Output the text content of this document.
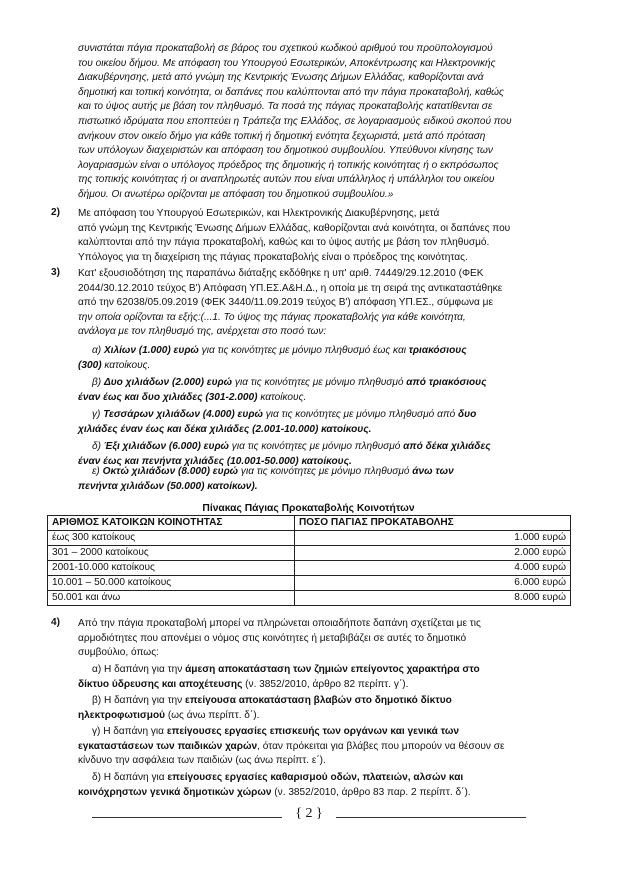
συνιστάται πάγια προκαταβολή σε βάρος του σχετικού κωδικού αριθμού του προϋπολογισμού
του οικείου δήμου. Με απόφαση του Υπουργού Εσωτερικών, Αποκέντρωσης και Ηλεκτρονικής
Διακυβέρνησης, μετά από γνώμη της Κεντρικής Ένωσης Δήμων Ελλάδας, καθορίζονται ανά
δημοτική και τοπική κοινότητα, οι δαπάνες που καλύπτονται από την πάγια προκαταβολή, καθώς
και το ύψος αυτής με βάση τον πληθυσμό. Τα ποσά της πάγιας προκαταβολής κατατίθενται σε
πιστωτικό ιδρύματα που εποπτεύει η Τράπεζα της Ελλάδος, σε λογαριασμούς ειδικού σκοπού που
ανήκουν στον οικείο δήμο για κάθε τοπική ή δημοτική ενότητα ξεχωριστά, μετά από πρόταση
των υπόλογων διαχειριστών και απόφαση του δημοτικού συμβουλίου. Υπεύθυνοι κίνησης των
λογαριασμών είναι ο υπόλογος πρόεδρος της δημοτικής ή τοπικής κοινότητας ή ο εκπρόσωπος
της τοπικής κοινότητας ή οι αναπληρωτές αυτών που είναι υπάλληλος ή υπάλληλοι του οικείου
δήμου. Οι ανωτέρω ορίζονται με απόφαση του δημοτικού συμβουλίου.»
2) Με απόφαση του Υπουργού Εσωτερικών, και Ηλεκτρονικής Διακυβέρνησης, μετά
από γνώμη της Κεντρικής Ένωσης Δήμων Ελλάδας, καθορίζονται ανά κοινότητα, οι δαπάνες που
καλύπτονται από την πάγια προκαταβολή, καθώς και το ύψος αυτής με βάση τον πληθυσμό.
Υπόλογος για τη διαχείριση της πάγιας προκαταβολής είναι ο πρόεδρος της κοινότητας.
3) Κατ' εξουσιοδότηση της παραπάνω διάταξης εκδόθηκε η υπ' αριθ. 74449/29.12.2010 (ΦΕΚ
2044/30.12.2010 τεύχος Β') Απόφαση ΥΠ.ΕΣ.Α&Η.Δ., η οποία με τη σειρά της αντικαταστάθηκε
από την 62038/05.09.2019 (ΦΕΚ 3440/11.09.2019 τεύχος Β') απόφαση ΥΠ.ΕΣ., σύμφωνα με
την οποία ορίζονται τα εξής:(...1. Το ύψος της πάγιας προκαταβολής για κάθε κοινότητα,
ανάλογα με τον πληθυσμό της, ανέρχεται στο ποσό των:
α) Χιλίων (1.000) ευρώ για τις κοινότητες με μόνιμο πληθυσμό έως και τριακόσιους
(300) κατοίκους.
β) Δυο χιλιάδων (2.000) ευρώ για τις κοινότητες με μόνιμο πληθυσμό από τριακόσιους
έναν έως και δυο χιλιάδες (301-2.000) κατοίκους.
γ) Τεσσάρων χιλιάδων (4.000) ευρώ για τις κοινότητες με μόνιμο πληθυσμό από δυο
χιλιάδες έναν έως και δέκα χιλιάδες (2.001-10.000) κατοίκους.
δ) Έξι χιλιάδων (6.000) ευρώ για τις κοινότητες με μόνιμο πληθυσμό από δέκα χιλιάδες
έναν έως και πενήντα χιλιάδες (10.001-50.000) κατοίκους.
ε) Οκτώ χιλιάδων (8.000) ευρώ για τις κοινότητες με μόνιμο πληθυσμό άνω των
πενήντα χιλιάδων (50.000) κατοίκων).
Πίνακας Πάγιας Προκαταβολής Κοινοτήτων
ΑΡΙΘΜΟΣ ΚΑΤΟΙΚΩΝ ΚΟΙΝΟΤΗΤΑΣ	ΠΟΣΟ ΠΑΓΙΑΣ ΠΡΟΚΑΤΑΒΟΛΗΣ
έως 300 κατοίκους	1.000 ευρώ
301 – 2000 κατοίκους	2.000 ευρώ
2001-10.000 κατοίκους	4.000 ευρώ
10.001 – 50.000 κατοίκους	6.000 ευρώ
50.001 και άνω	8.000 ευρώ
4) Από την πάγια προκαταβολή μπορεί να πληρώνεται οποιαδήποτε δαπάνη σχετίζεται με τις
αρμοδιότητες που απονέμει ο νόμος στις κοινότητες ή μεταβιβάζει σε αυτές το δημοτικό
συμβούλιο, όπως:
α) Η δαπάνη για την άμεση αποκατάσταση των ζημιών επείγοντος χαρακτήρα στο
δίκτυο ύδρευσης και αποχέτευσης (ν. 3852/2010, άρθρο 82 περίπτ. γ΄).
β) Η δαπάνη για την επείγουσα αποκατάσταση βλαβών στο δημοτικό δίκτυο
ηλεκτροφωτισμού (ως άνω περίπτ. δ΄).
γ) Η δαπάνη για επείγουσες εργασίες επισκευής των οργάνων και γενικά των
εγκαταστάσεων των παιδικών χαρών, όταν πρόκειται για βλάβες που μπορούν να θέσουν σε
κίνδυνο την ασφάλεια των παιδιών (ως άνω περίπτ. ε΄).
δ) Η δαπάνη για επείγουσες εργασίες καθαρισμού οδών, πλατειών, αλσών και
κοινόχρηστων γενικά δημοτικών χώρων (ν. 3852/2010, άρθρο 83 παρ. 2 περίπτ. δ΄).
{ 2 }
